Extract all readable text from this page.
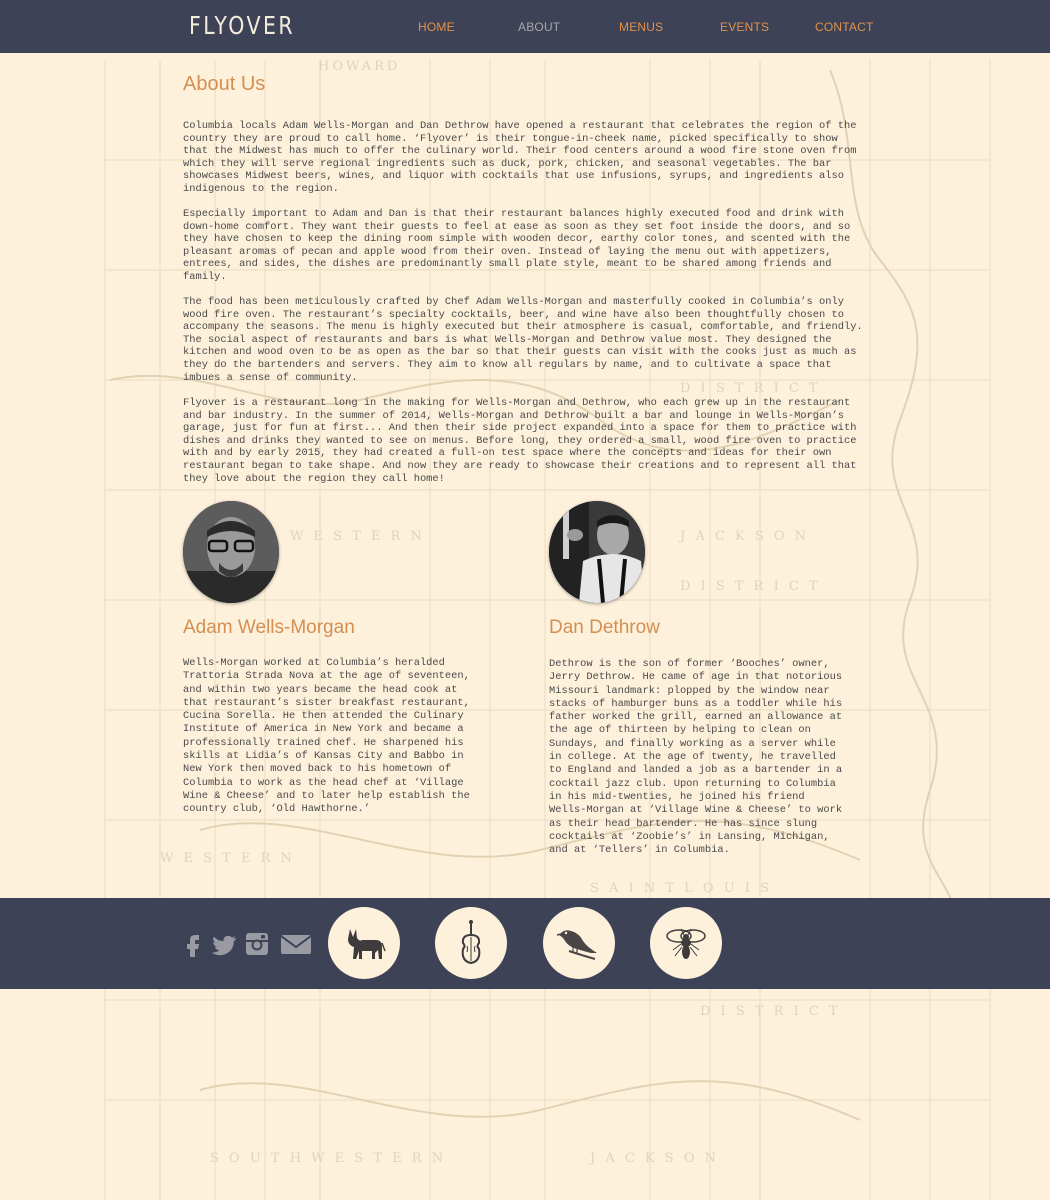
HOWARD
D I S T R I C T
W E S T E R N	J A C K S O N
D I S T R I C T
W E S T E R N
S A I N T L O U I S
D I S T R I C T
S O U T H W E S T E R N	J A C K S O N
FLYOVER	HOME	ABOUT	MENUS	EVENTS	CONTACT
About Us

Columbia locals Adam Wells-Morgan and Dan Dethrow have opened a restaurant that celebrates the region of the
country they are proud to call home. ‘Flyover’ is their tongue-in-cheek name, picked specifically to show
that the Midwest has much to offer the culinary world. Their food centers around a wood fire stone oven from
which they will serve regional ingredients such as duck, pork, chicken, and seasonal vegetables. The bar
showcases Midwest beers, wines, and liquor with cocktails that use infusions, syrups, and ingredients also
indigenous to the region.

Especially important to Adam and Dan is that their restaurant balances highly executed food and drink with
down-home comfort. They want their guests to feel at ease as soon as they set foot inside the doors, and so
they have chosen to keep the dining room simple with wooden decor, earthy color tones, and scented with the
pleasant aromas of pecan and apple wood from their oven. Instead of laying the menu out with appetizers,
entrees, and sides, the dishes are predominantly small plate style, meant to be shared among friends and
family.

The food has been meticulously crafted by Chef Adam Wells-Morgan and masterfully cooked in Columbia’s only
wood fire oven. The restaurant’s specialty cocktails, beer, and wine have also been thoughtfully chosen to
accompany the seasons. The menu is highly executed but their atmosphere is casual, comfortable, and friendly.
The social aspect of restaurants and bars is what Wells-Morgan and Dethrow value most. They designed the
kitchen and wood oven to be as open as the bar so that their guests can visit with the cooks just as much as
they do the bartenders and servers. They aim to know all regulars by name, and to cultivate a space that
imbues a sense of community.

Flyover is a restaurant long in the making for Wells-Morgan and Dethrow, who each grew up in the restaurant
and bar industry. In the summer of 2014, Wells-Morgan and Dethrow built a bar and lounge in Wells-Morgan’s
garage, just for fun at first... And then their side project expanded into a space for them to practice with
dishes and drinks they wanted to see on menus. Before long, they ordered a small, wood fire oven to practice
with and by early 2015, they had created a full-on test space where the concepts and ideas for their own
restaurant began to take shape. And now they are ready to showcase their creations and to represent all that
they love about the region they call home!

Adam Wells-Morgan

Wells-Morgan worked at Columbia’s heralded
Trattoria Strada Nova at the age of seventeen,
and within two years became the head cook at
that restaurant’s sister breakfast restaurant,
Cucina Sorella. He then attended the Culinary
Institute of America in New York and became a
professionally trained chef. He sharpened his
skills at Lidia’s of Kansas City and Babbo in
New York then moved back to his hometown of
Columbia to work as the head chef at ‘Village
Wine & Cheese’ and to later help establish the
country club, ‘Old Hawthorne.’

Dan Dethrow

Dethrow is the son of former ‘Booches’ owner,
Jerry Dethrow. He came of age in that notorious
Missouri landmark: plopped by the window near
stacks of hamburger buns as a toddler while his
father worked the grill, earned an allowance at
the age of thirteen by helping to clean on
Sundays, and finally working as a server while
in college. At the age of twenty, he travelled
to England and landed a job as a bartender in a
cocktail jazz club. Upon returning to Columbia
in his mid-twenties, he joined his friend
Wells-Morgan at ‘Village Wine & Cheese’ to work
as their head bartender. He has since slung
cocktails at ‘Zoobie’s’ in Lansing, Michigan,
and at ‘Tellers’ in Columbia.
